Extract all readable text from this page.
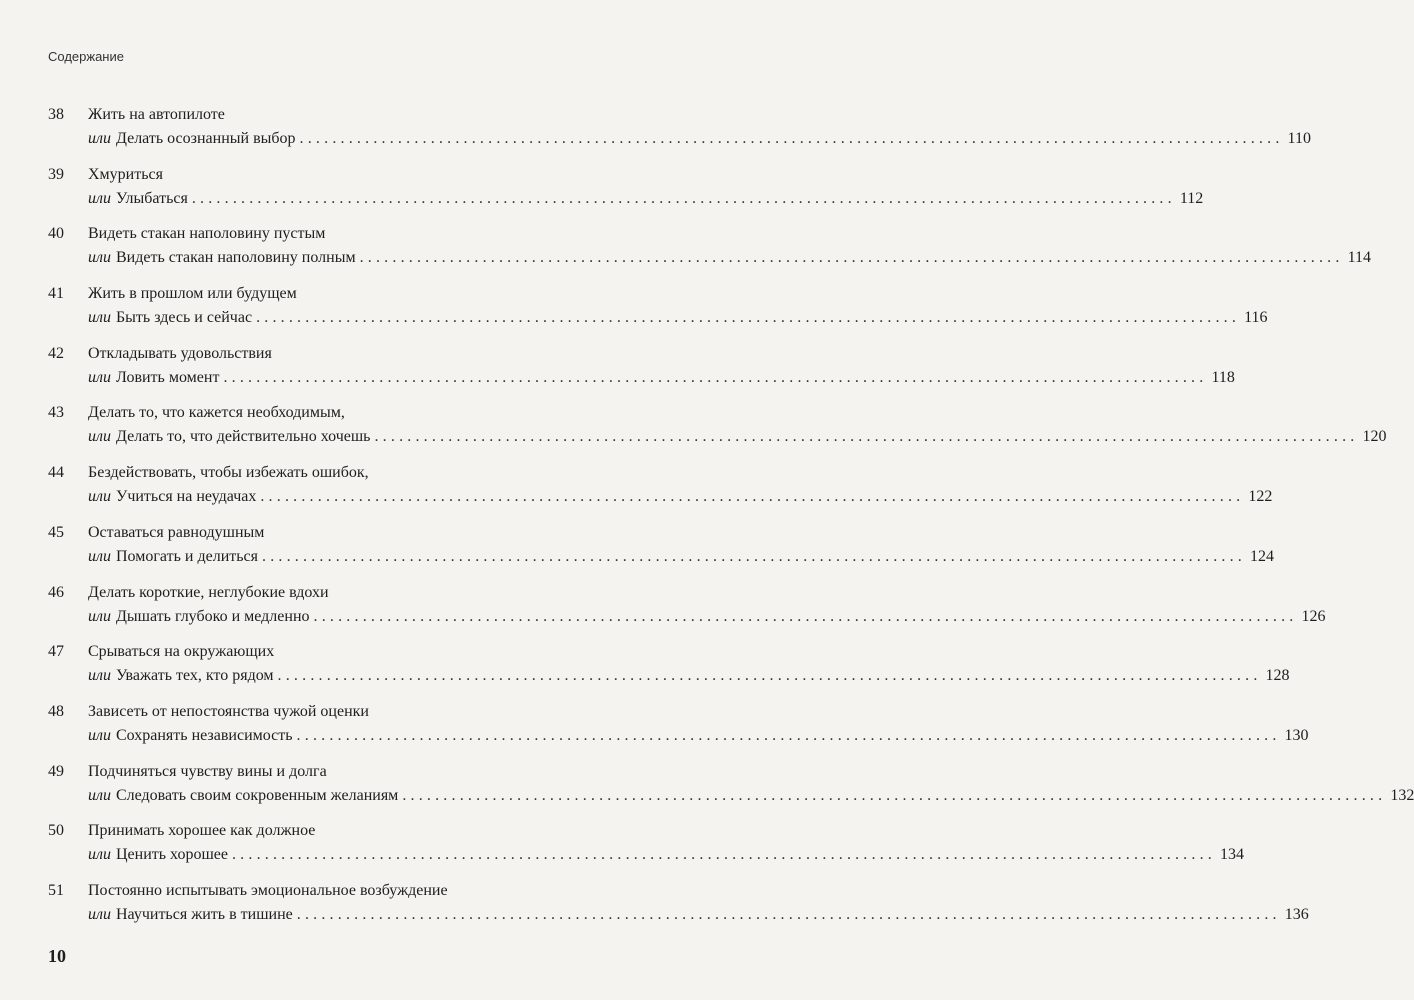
Содержание
38	Жить на автопилоте
или Делать осознанный выбор ........................................................................................................................ 110
39	Хмуриться
или Улыбаться ........................................................................................................................ 112
40	Видеть стакан наполовину пустым
или Видеть стакан наполовину полным ........................................................................................................................ 114
41	Жить в прошлом или будущем
или Быть здесь и сейчас ........................................................................................................................ 116
42	Откладывать удовольствия
или Ловить момент ........................................................................................................................ 118
43	Делать то, что кажется необходимым,
или Делать то, что действительно хочешь ........................................................................................................................ 120
44	Бездействовать, чтобы избежать ошибок,
или Учиться на неудачах ........................................................................................................................ 122
45	Оставаться равнодушным
или Помогать и делиться ........................................................................................................................ 124
46	Делать короткие, неглубокие вдохи
или Дышать глубоко и медленно ........................................................................................................................ 126
47	Срываться на окружающих
или Уважать тех, кто рядом ........................................................................................................................ 128
48	Зависеть от непостоянства чужой оценки
или Сохранять независимость ........................................................................................................................ 130
49	Подчиняться чувству вины и долга
или Следовать своим сокровенным желаниям ........................................................................................................................ 132
50	Принимать хорошее как должное
или Ценить хорошее ........................................................................................................................ 134
51	Постоянно испытывать эмоциональное возбуждение
или Научиться жить в тишине ........................................................................................................................ 136
10
